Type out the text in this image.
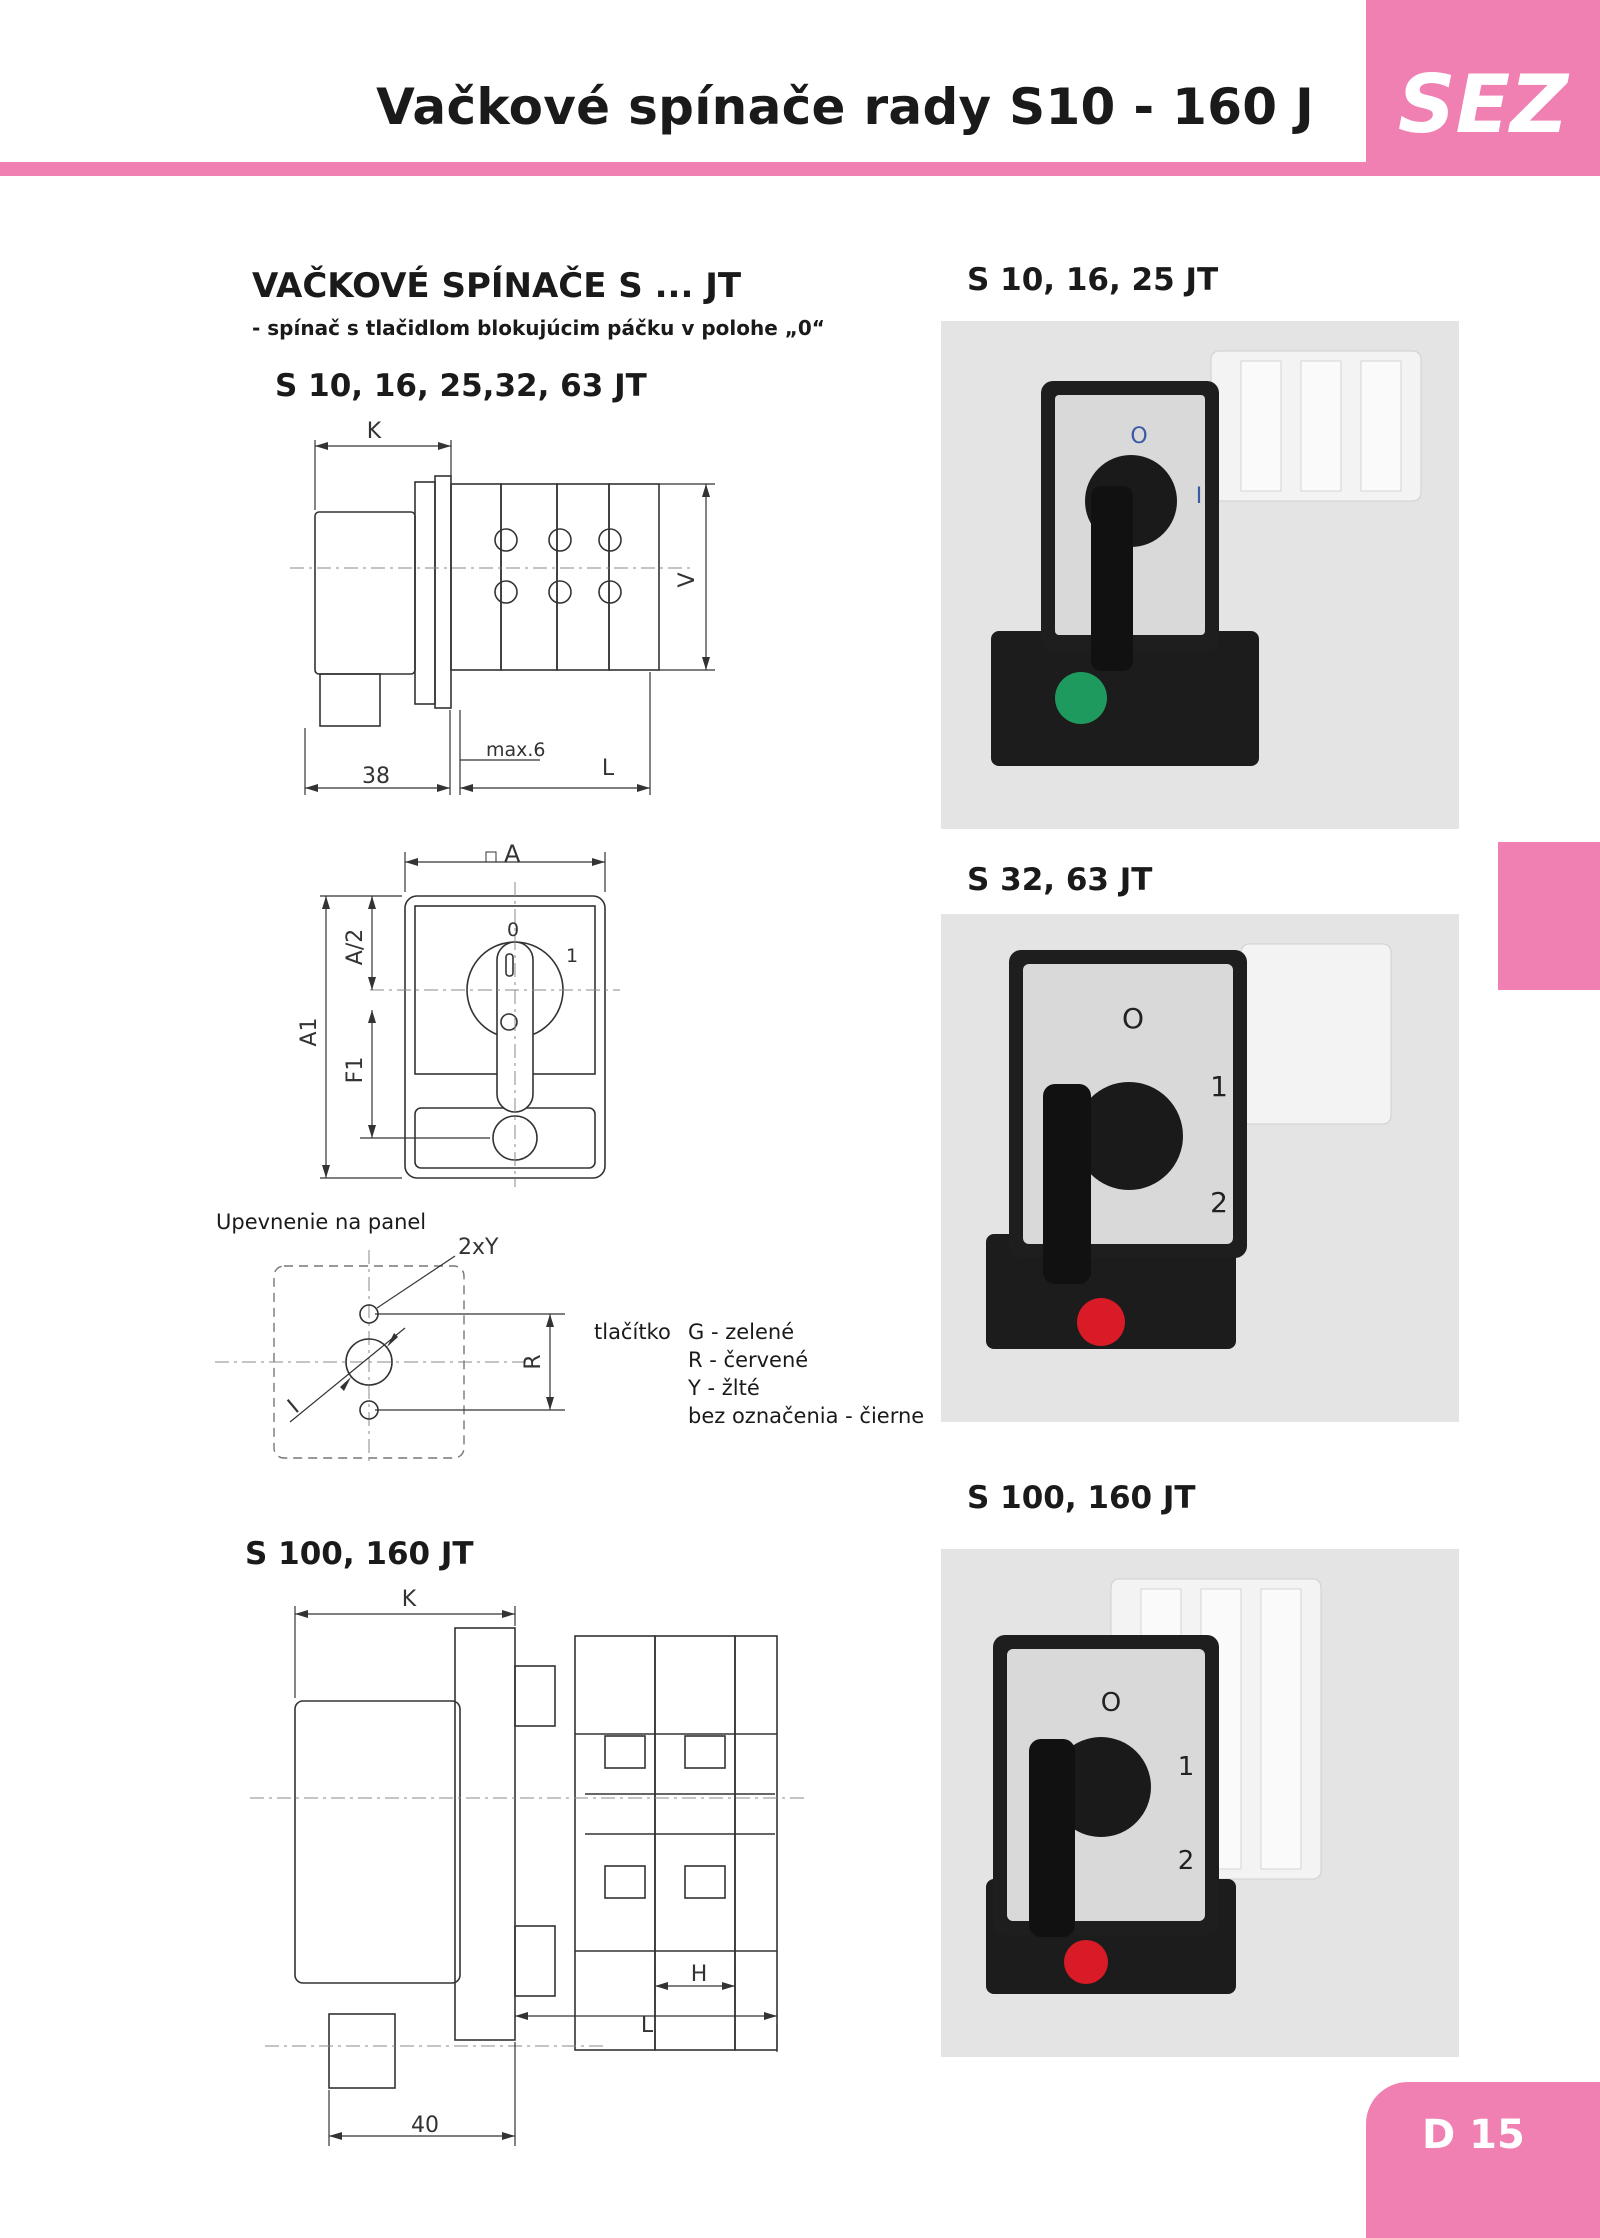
Vačkové spínače rady S10 - 160 J SEZ
VAČKOVÉ SPÍNAČE S ... JT
- spínač s tlačidlom blokujúcim páčku v polohe „0“
S 10, 16, 25,32, 63 JT
K
V
38
max.6
L
A
A/2
A1
F1
0
1
Upevnenie na panel
2xY
R
I
tlačítko G - zelené
R - červené
Y - žlté
bez označenia - čierne
S 100, 160 JT
K
H
L
40
S 10, 16, 25 JT
O
I
S 32, 63 JT
O
1
2
S 100, 160 JT
O
1
2
D 15
